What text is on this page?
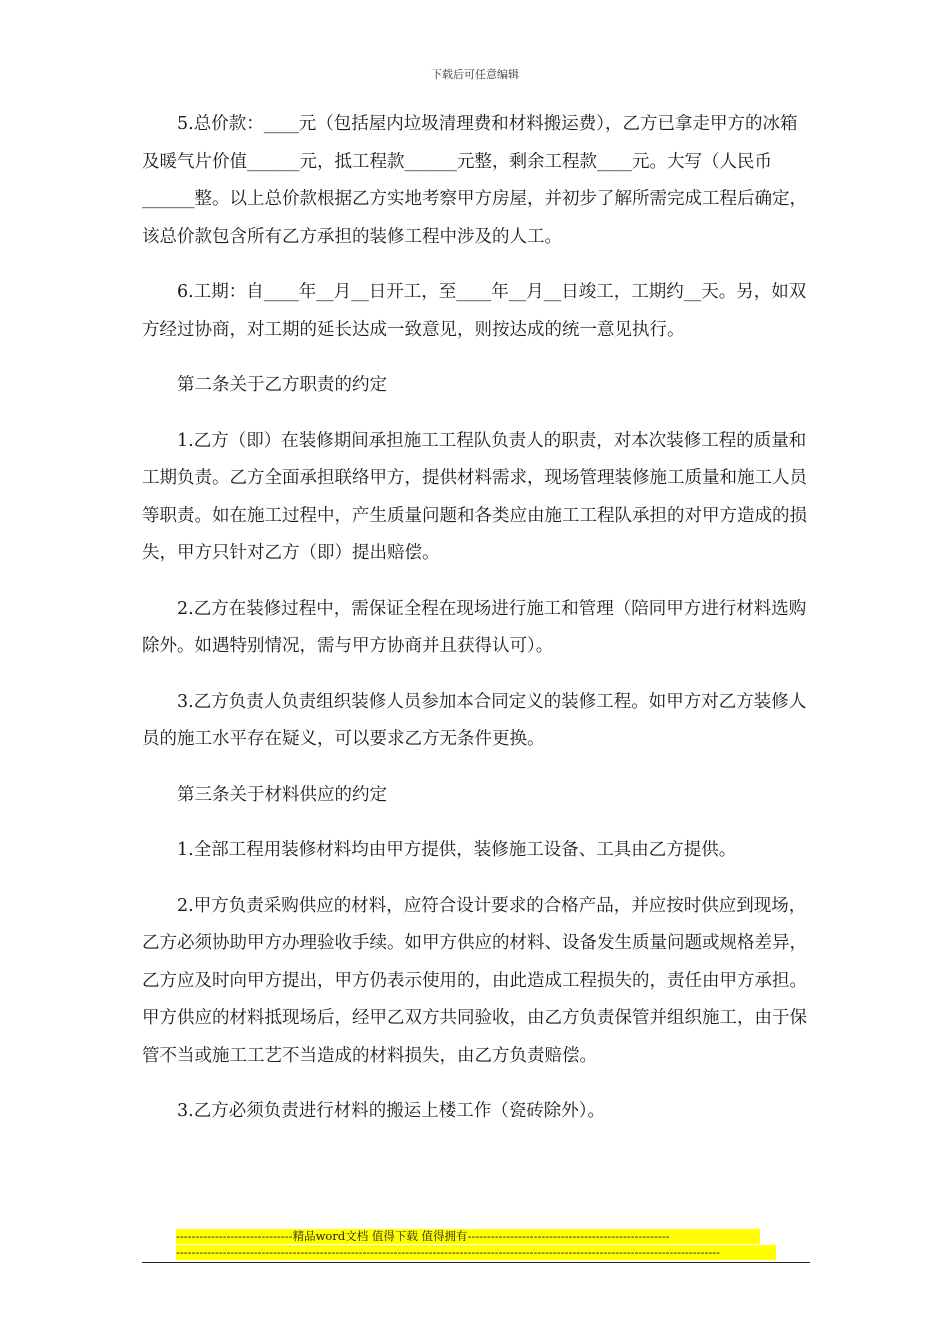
下载后可任意编辑

5.总价款：____元（包括屋内垃圾清理费和材料搬运费），乙方已拿走甲方的冰箱及暖气片价值______元，抵工程款______元整，剩余工程款____元。大写（人民币______整。以上总价款根据乙方实地考察甲方房屋，并初步了解所需完成工程后确定，该总价款包含所有乙方承担的装修工程中涉及的人工。

6.工期：自____年__月__日开工，至____年__月__日竣工，工期约__天。另，如双方经过协商，对工期的延长达成一致意见，则按达成的统一意见执行。

第二条关于乙方职责的约定

1.乙方（即）在装修期间承担施工工程队负责人的职责，对本次装修工程的质量和工期负责。乙方全面承担联络甲方，提供材料需求，现场管理装修施工质量和施工人员等职责。如在施工过程中，产生质量问题和各类应由施工工程队承担的对甲方造成的损失，甲方只针对乙方（即）提出赔偿。

2.乙方在装修过程中，需保证全程在现场进行施工和管理（陪同甲方进行材料选购除外。如遇特别情况，需与甲方协商并且获得认可）。

3.乙方负责人负责组织装修人员参加本合同定义的装修工程。如甲方对乙方装修人员的施工水平存在疑义，可以要求乙方无条件更换。

第三条关于材料供应的约定

1.全部工程用装修材料均由甲方提供，装修施工设备、工具由乙方提供。

2.甲方负责采购供应的材料，应符合设计要求的合格产品，并应按时供应到现场，乙方必须协助甲方办理验收手续。如甲方供应的材料、设备发生质量问题或规格差异，乙方应及时向甲方提出，甲方仍表示使用的，由此造成工程损失的，责任由甲方承担。甲方供应的材料抵现场后，经甲乙双方共同验收，由乙方负责保管并组织施工，由于保管不当或施工工艺不当造成的材料损失，由乙方负责赔偿。

3.乙方必须负责进行材料的搬运上楼工作（瓷砖除外）。

------------------------------精品word文档 值得下载 值得拥有----------------------------------------------------
--------------------------------------------------------------------------------------------------------------------------------------------
